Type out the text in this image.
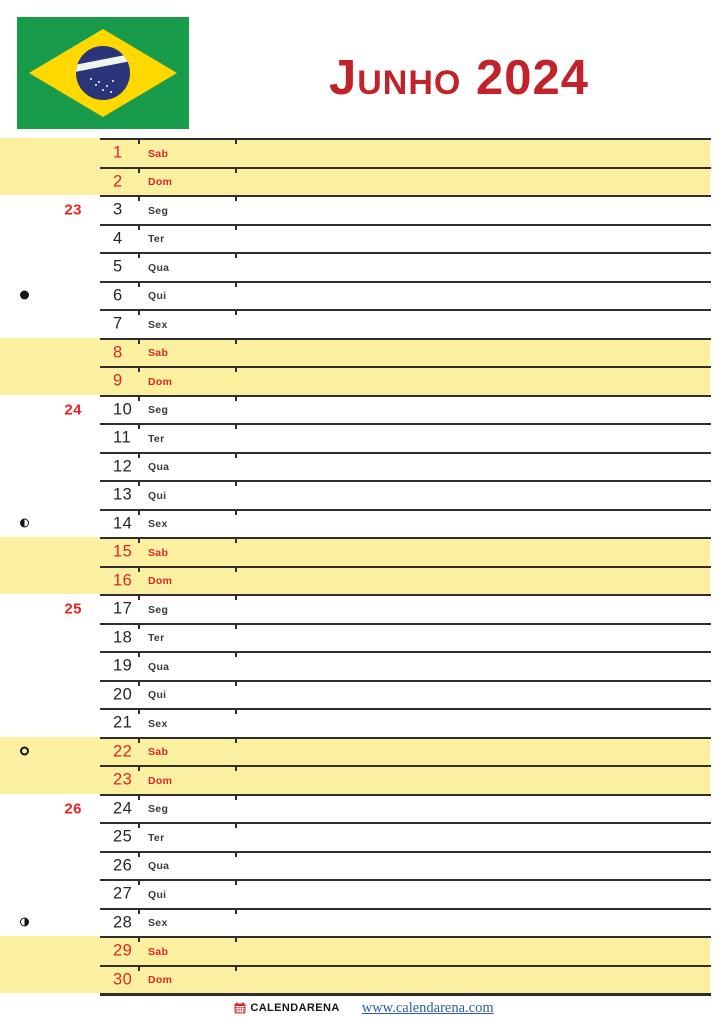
Junho 2024
1 Sab
2 Dom
23 3 Seg
4 Ter
5 Qua
6 Qui
7 Sex
8 Sab
9 Dom
24 10 Seg
11 Ter
12 Qua
13 Qui
14 Sex
15 Sab
16 Dom
25 17 Seg
18 Ter
19 Qua
20 Qui
21 Sex
22 Sab
23 Dom
26 24 Seg
25 Ter
26 Qua
27 Qui
28 Sex
29 Sab
30 Dom
CALENDARENA www.calendarena.com
